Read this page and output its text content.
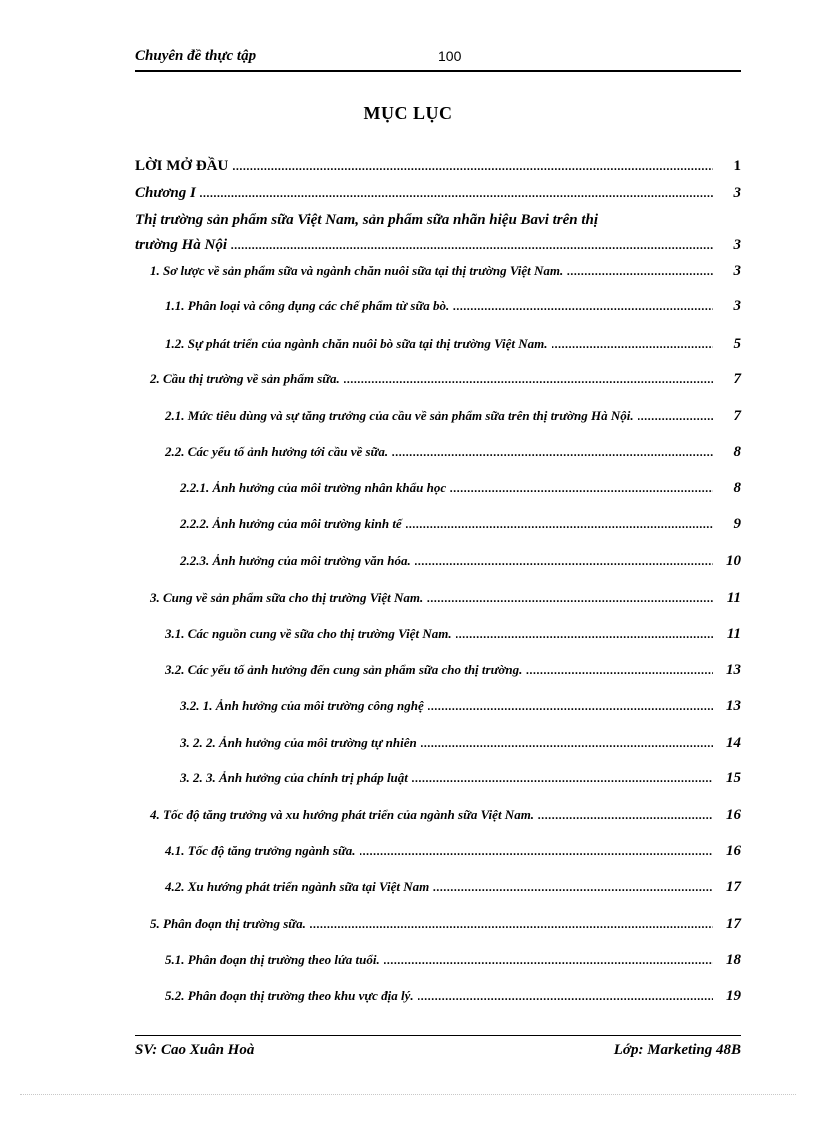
Chuyên đề thực tập	100
MỤC LỤC
LỜI MỞ ĐẦU .....	1
Chương I .....	3
Thị trường sản phẩm sữa Việt Nam, sản phẩm sữa nhãn hiệu Bavi trên thị
trường Hà Nội .....	3
1. Sơ lược về sản phẩm sữa và ngành chăn nuôi sữa tại thị trường Việt Nam. .....	3
1.1. Phân loại và công dụng các chế phẩm từ sữa bò. .....	3
1.2. Sự phát triển của ngành chăn nuôi bò sữa tại thị trường Việt Nam. .....	5
2. Cầu thị trường về sản phẩm sữa. .....	7
2.1. Mức tiêu dùng và sự tăng trưởng của cầu về sản phẩm sữa trên thị trường Hà Nội. .....	7
2.2. Các yếu tố ảnh hưởng tới cầu về sữa. .....	8
2.2.1. Ảnh hưởng của môi trường nhân khẩu học .....	8
2.2.2. Ảnh hưởng của môi trường kinh tế .....	9
2.2.3. Ảnh hưởng của môi trường văn hóa. .....	10
3. Cung về sản phẩm sữa cho thị trường Việt Nam. .....	11
3.1. Các nguồn cung về sữa cho thị trường Việt Nam. .....	11
3.2. Các yếu tố ảnh hưởng đến cung sản phẩm sữa cho thị trường. .....	13
3.2. 1. Ảnh hưởng của môi trường công nghệ .....	13
3. 2. 2. Ảnh hưởng của môi trường tự nhiên .....	14
3. 2. 3. Ảnh hưởng của chính trị pháp luật .....	15
4. Tốc độ tăng trưởng và xu hướng phát triển của ngành sữa Việt Nam. .....	16
4.1. Tốc độ tăng trưởng ngành sữa. .....	16
4.2. Xu hướng phát triển ngành sữa tại Việt Nam .....	17
5. Phân đoạn thị trường sữa. .....	17
5.1. Phân đoạn thị trường theo lứa tuổi. .....	18
5.2. Phân đoạn thị trường theo khu vực địa lý. .....	19
SV: Cao Xuân Hoà	Lớp: Marketing 48B
